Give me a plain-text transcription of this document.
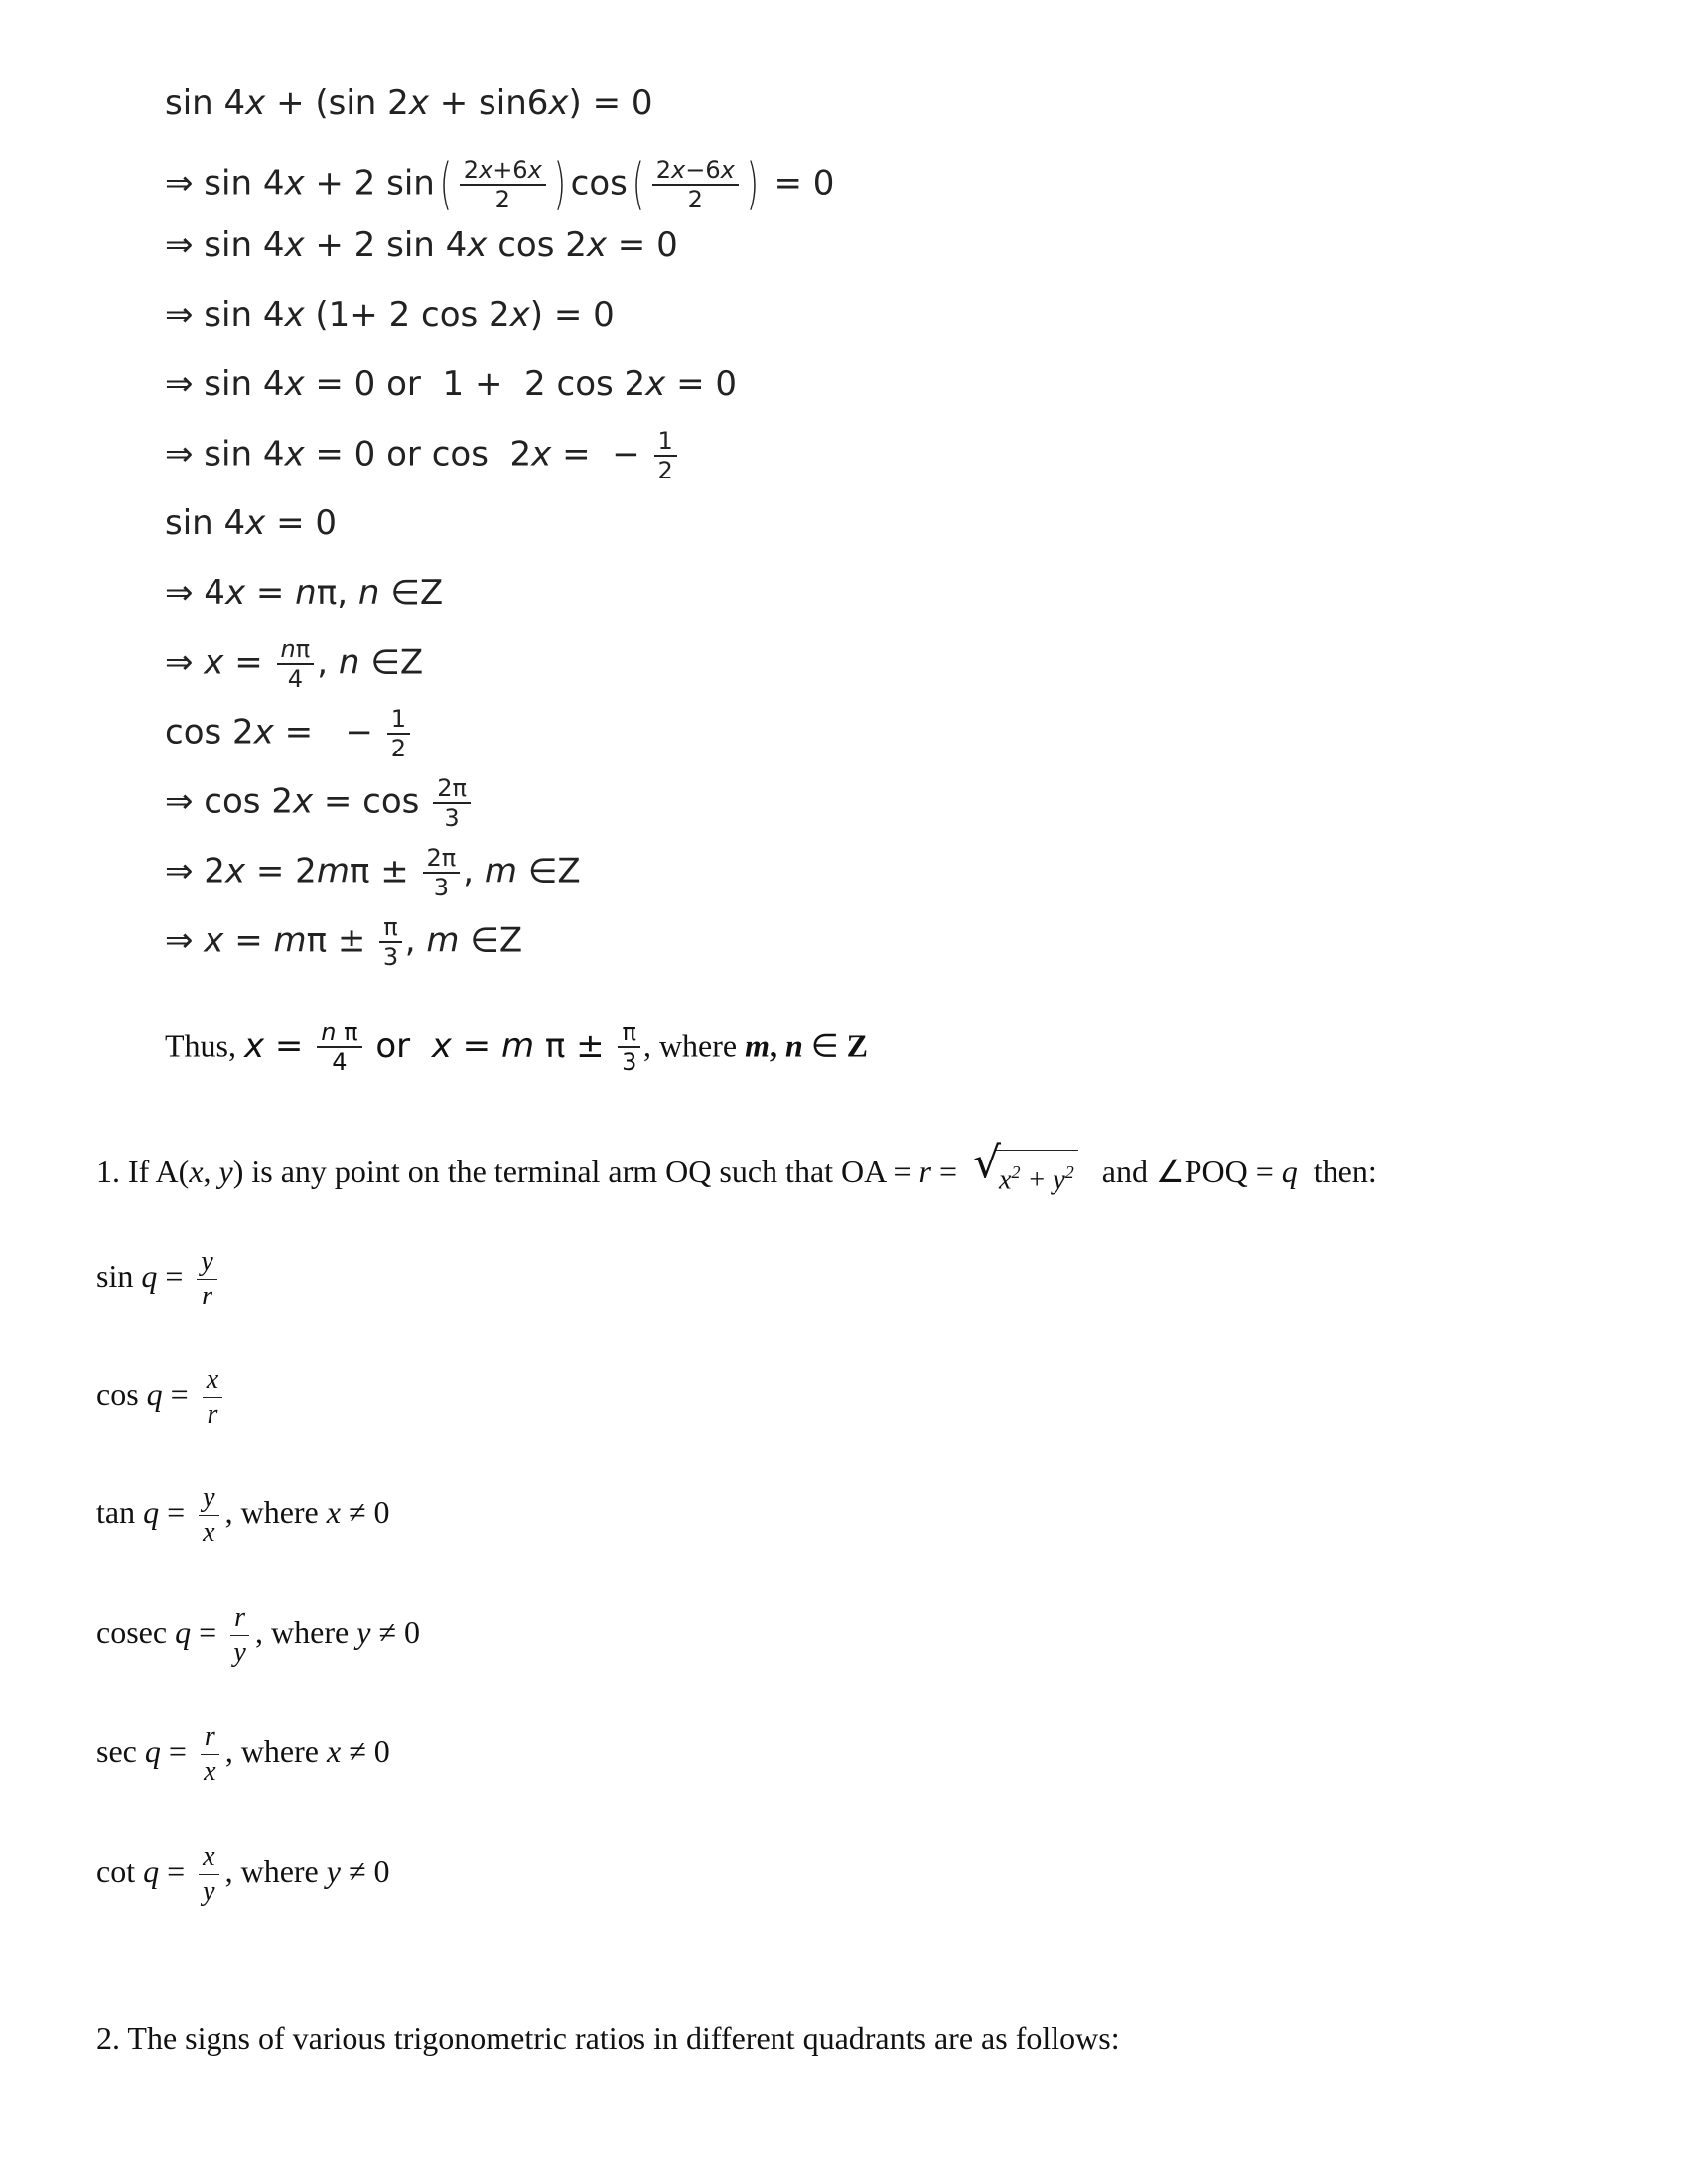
sin 4x + (sin 2x + sin6x) = 0
⇒ sin 4x + 2 $\sin( \frac{2x+6x}{2}$ ) $\cos( \frac{2x-6x}{2}$ ) = 0
⇒ sin 4x + 2 sin 4x cos 2x = 0
⇒ sin 4x (1+ 2 cos 2x) = 0
⇒ sin 4x = 0 or  1 +  2 cos 2x = 0
⇒ sin 4x = 0 or cos  2x =  − $\frac{1}{2}$
sin 4x = 0
⇒ 4x = nπ, n ∈Z
⇒ $x = \frac{n\pi}{4}$ , n ∈Z
cos 2x =   − $\frac{1}{2}$
⇒ $\cos 2x = \cos \frac{2\pi}{3}$
⇒ $2x = 2m\pi \pm \frac{2\pi}{3}$ , m ∈Z
⇒ $x = m\pi \pm \frac{\pi}{3}$ , m ∈Z
Thus, $x = \frac{\text{n π}}{4}$ or  x = m $\pi \pm \frac{\pi}{3}$ , where m, n ∈ Z
1. If A(x, y) is any point on the terminal arm OQ such that OA = r = √
$x^2 + y^2$  and ∠POQ = q  then:
$\sin q = \frac{y}{r}$
$\cos q = \frac{x}{r}$
$\tan q = \frac{y}{x}$ , where x ≠ 0
cosec $q = \frac{r}{y}$ , where y ≠ 0
$\sec q = \frac{r}{x}$ , where x ≠ 0
$\cot q = \frac{x}{y}$ , where y ≠ 0
2. The signs of various trigonometric ratios in different quadrants are as follows:
